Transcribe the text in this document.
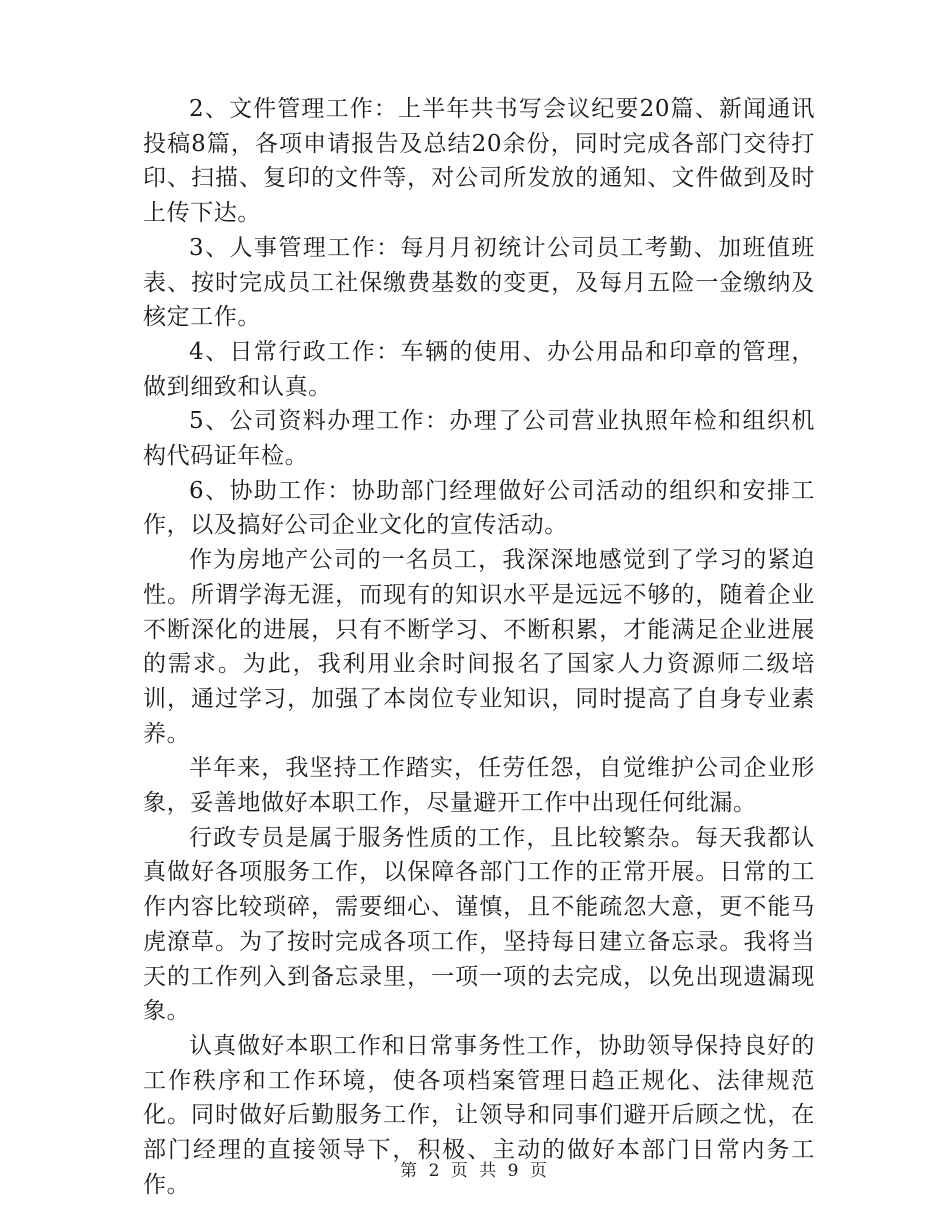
2、文件管理工作：上半年共书写会议纪要20篇、新闻通讯投稿8篇，各项申请报告及总结20余份，同时完成各部门交待打印、扫描、复印的文件等，对公司所发放的通知、文件做到及时上传下达。

3、人事管理工作：每月月初统计公司员工考勤、加班值班表、按时完成员工社保缴费基数的变更，及每月五险一金缴纳及核定工作。

4、日常行政工作：车辆的使用、办公用品和印章的管理，做到细致和认真。

5、公司资料办理工作：办理了公司营业执照年检和组织机构代码证年检。

6、协助工作：协助部门经理做好公司活动的组织和安排工作，以及搞好公司企业文化的宣传活动。

作为房地产公司的一名员工，我深深地感觉到了学习的紧迫性。所谓学海无涯，而现有的知识水平是远远不够的，随着企业不断深化的进展，只有不断学习、不断积累，才能满足企业进展的需求。为此，我利用业余时间报名了国家人力资源师二级培训，通过学习，加强了本岗位专业知识，同时提高了自身专业素养。

半年来，我坚持工作踏实，任劳任怨，自觉维护公司企业形象，妥善地做好本职工作，尽量避开工作中出现任何纰漏。

行政专员是属于服务性质的工作，且比较繁杂。每天我都认真做好各项服务工作，以保障各部门工作的正常开展。日常的工作内容比较琐碎，需要细心、谨慎，且不能疏忽大意，更不能马虎潦草。为了按时完成各项工作，坚持每日建立备忘录。我将当天的工作列入到备忘录里，一项一项的去完成，以免出现遗漏现象。

认真做好本职工作和日常事务性工作，协助领导保持良好的工作秩序和工作环境，使各项档案管理日趋正规化、法律规范化。同时做好后勤服务工作，让领导和同事们避开后顾之忧，在部门经理的直接领导下，积极、主动的做好本部门日常内务工作。

第 2 页 共 9 页
